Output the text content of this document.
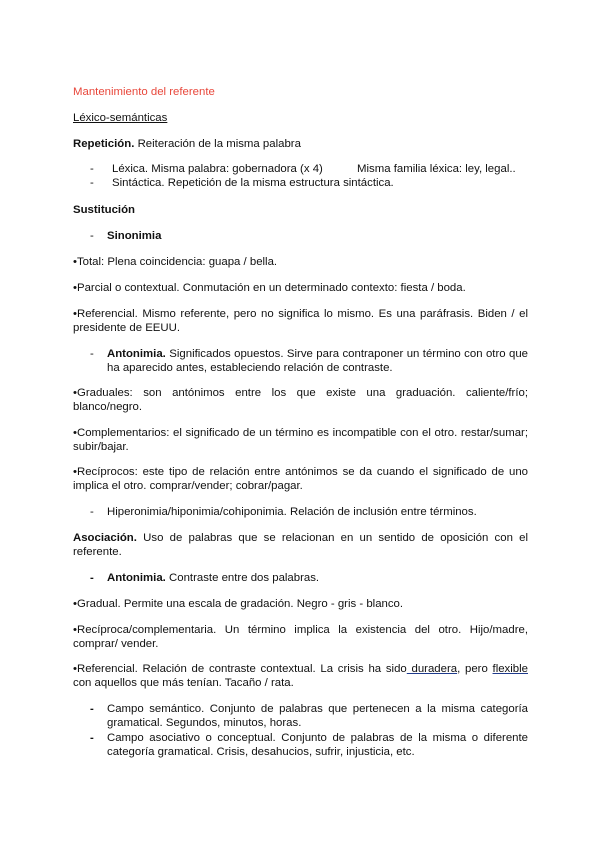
Mantenimiento del referente
Léxico-semánticas
Repetición. Reiteración de la misma palabra
-	Léxica. Misma palabra: gobernadora (x 4)	Misma familia léxica: ley, legal..
-	Sintáctica. Repetición de la misma estructura sintáctica.
Sustitución
-	Sinonimia
•Total: Plena coincidencia: guapa / bella.
•Parcial o contextual. Conmutación en un determinado contexto: fiesta / boda.
•Referencial. Mismo referente, pero no significa lo mismo. Es una paráfrasis. Biden / el presidente de EEUU.
-	Antonimia. Significados opuestos. Sirve para contraponer un término con otro que ha aparecido antes, estableciendo relación de contraste.
•Graduales: son antónimos entre los que existe una graduación. caliente/frío; blanco/negro.
•Complementarios: el significado de un término es incompatible con el otro. restar/sumar; subir/bajar.
•Recíprocos: este tipo de relación entre antónimos se da cuando el significado de uno implica el otro. comprar/vender; cobrar/pagar.
-	Hiperonimia/hiponimia/cohiponimia. Relación de inclusión entre términos.
Asociación. Uso de palabras que se relacionan en un sentido de oposición con el referente.
-	Antonimia. Contraste entre dos palabras.
•Gradual. Permite una escala de gradación. Negro - gris - blanco.
•Recíproca/complementaria. Un término implica la existencia del otro. Hijo/madre, comprar/ vender.
•Referencial. Relación de contraste contextual. La crisis ha sido duradera, pero flexible con aquellos que más tenían. Tacaño / rata.
-	Campo semántico. Conjunto de palabras que pertenecen a la misma categoría gramatical. Segundos, minutos, horas.
-	Campo asociativo o conceptual. Conjunto de palabras de la misma o diferente categoría gramatical. Crisis, desahucios, sufrir, injusticia, etc.
